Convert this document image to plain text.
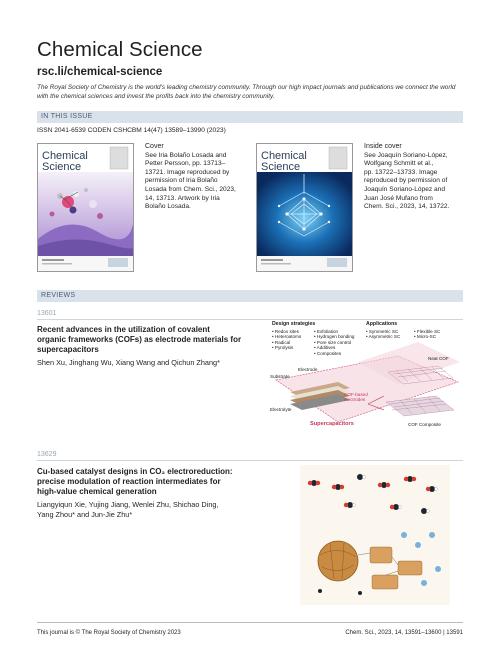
Chemical Science
rsc.li/chemical-science
The Royal Society of Chemistry is the world's leading chemistry community. Through our high impact journals and publications we connect the world with the chemical sciences and invest the profits back into the chemistry community.
IN THIS ISSUE
ISSN 2041-6539 CODEN CSHCBM 14(47) 13589–13990 (2023)
Chemical
Science
Cover
See Iria Bolaño Losada and
Petter Persson, pp. 13713–
13721. Image reproduced by
permission of Iria Bolaño
Losada from Chem. Sci., 2023,
14, 13713. Artwork by Iria
Bolaño Losada.
Chemical
Science
Inside cover
See Joaquín Soriano-López,
Wolfgang Schmitt et al.,
pp. 13722–13733. Image
reproduced by permission of
Joaquín Soriano-López and
Juan José Mufano from
Chem. Sci., 2023, 14, 13722.
REVIEWS
13601
Recent advances in the utilization of covalent
organic frameworks (COFs) as electrode materials for
supercapacitors
Shen Xu, Jinghang Wu, Xiang Wang and Qichun Zhang*
Design strategies
• Redox sites
• Heteroatoms
• Radical
• Pyrolysis
• Exfoliation
• Hydrogen bonding
• Pore size control
• Additives
• Composites
Applications
• Symmetric SC
• Asymmetric SC
• Flexible SC
• Micro-SC
Electrode
Substrate
Electrolyte
COF-based electrodes
Neat COF
COF Composite
Supercapacitors
13629
Cu-based catalyst designs in CO₂ electroreduction:
precise modulation of reaction intermediates for
high-value chemical generation
Liangyiqun Xie, Yujing Jiang, Wenlei Zhu, Shichao Ding,
Yang Zhou* and Jun-Jie Zhu*
This journal is © The Royal Society of Chemistry 2023	Chem. Sci., 2023, 14, 13591–13600 | 13591
